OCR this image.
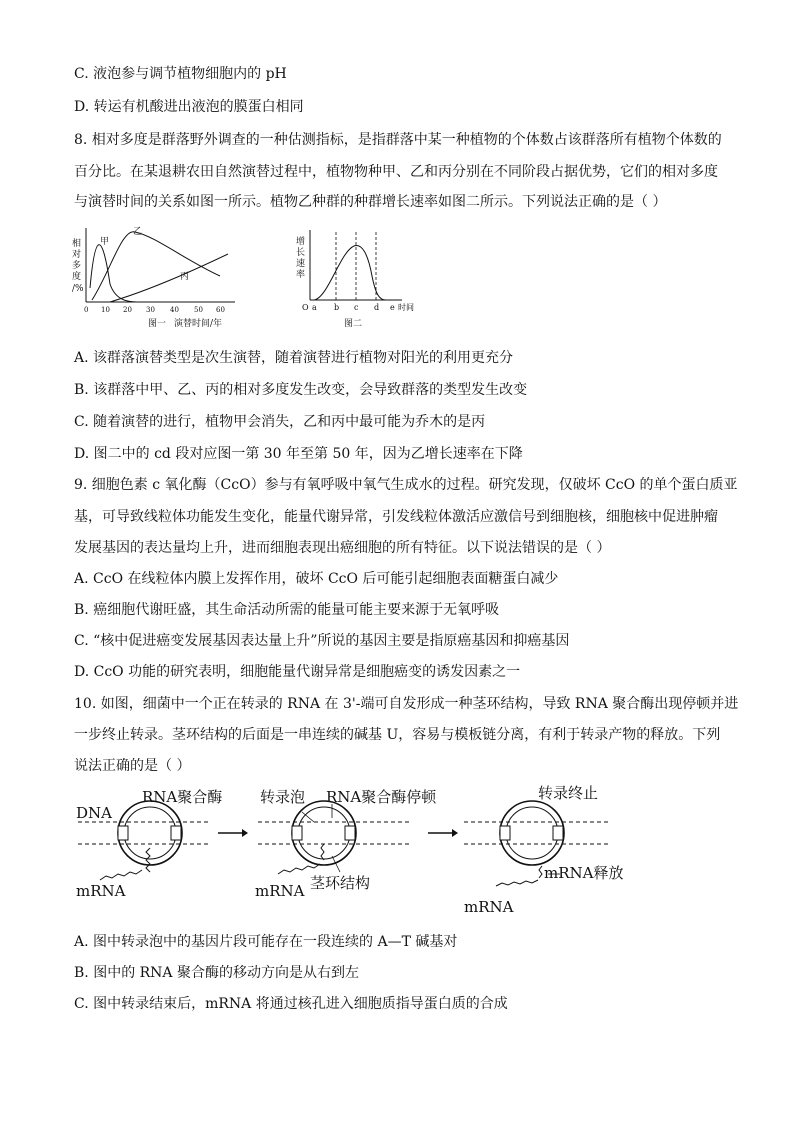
C. 液泡参与调节植物细胞内的 pH
D. 转运有机酸进出液泡的膜蛋白相同
8. 相对多度是群落野外调查的一种估测指标，是指群落中某一种植物的个体数占该群落所有植物个体数的
百分比。在某退耕农田自然演替过程中，植物物种甲、乙和丙分别在不同阶段占据优势，它们的相对多度
与演替时间的关系如图一所示。植物乙种群的种群增长速率如图二所示。下列说法正确的是（ ）
相
对
多
度
/%
甲
乙
丙
0 10 20 30 40 50 60
图一 演替时间/年
增
长
速
率
O a b c d e 时间
图二
A. 该群落演替类型是次生演替，随着演替进行植物对阳光的利用更充分
B. 该群落中甲、乙、丙的相对多度发生改变，会导致群落的类型发生改变
C. 随着演替的进行，植物甲会消失，乙和丙中最可能为乔木的是丙
D. 图二中的 cd 段对应图一第 30 年至第 50 年，因为乙增长速率在下降
9. 细胞色素 c 氧化酶（CcO）参与有氧呼吸中氧气生成水的过程。研究发现，仅破坏 CcO 的单个蛋白质亚
基，可导致线粒体功能发生变化，能量代谢异常，引发线粒体激活应激信号到细胞核，细胞核中促进肿瘤
发展基因的表达量均上升，进而细胞表现出癌细胞的所有特征。以下说法错误的是（ ）
A. CcO 在线粒体内膜上发挥作用，破坏 CcO 后可能引起细胞表面糖蛋白减少
B. 癌细胞代谢旺盛，其生命活动所需的能量可能主要来源于无氧呼吸
C. “核中促进癌变发展基因表达量上升”所说的基因主要是指原癌基因和抑癌基因
D. CcO 功能的研究表明，细胞能量代谢异常是细胞癌变的诱发因素之一
10. 如图，细菌中一个正在转录的 RNA 在 3'-端可自发形成一种茎环结构，导致 RNA 聚合酶出现停顿并进
一步终止转录。茎环结构的后面是一串连续的碱基 U，容易与模板链分离，有利于转录产物的释放。下列
说法正确的是（ ）
RNA聚合酶
DNA
mRNA
转录泡 RNA聚合酶停顿
mRNA 茎环结构
转录终止
mRNA释放
mRNA
A. 图中转录泡中的基因片段可能存在一段连续的 A—T 碱基对
B. 图中的 RNA 聚合酶的移动方向是从右到左
C. 图中转录结束后，mRNA 将通过核孔进入细胞质指导蛋白质的合成
